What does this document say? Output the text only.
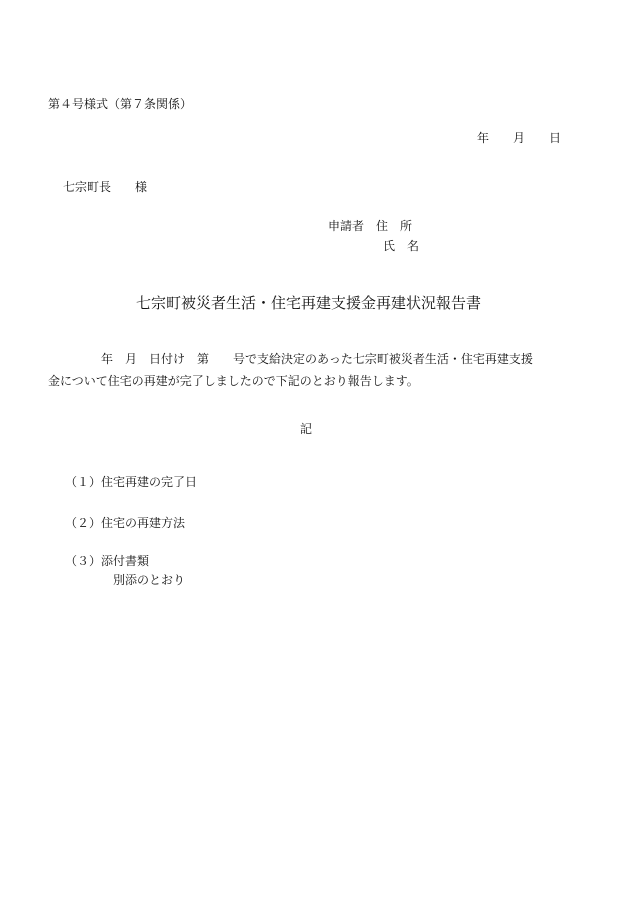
第４号様式（第７条関係）
年　　月　　日
七宗町長　　様
申請者　住　所
氏　名
七宗町被災者生活・住宅再建支援金再建状況報告書
年　月　日付け　第　　号で支給決定のあった七宗町被災者生活・住宅再建支援
金について住宅の再建が完了しましたので下記のとおり報告します。
記
（１）住宅再建の完了日
（２）住宅の再建方法
（３）添付書類
別添のとおり
